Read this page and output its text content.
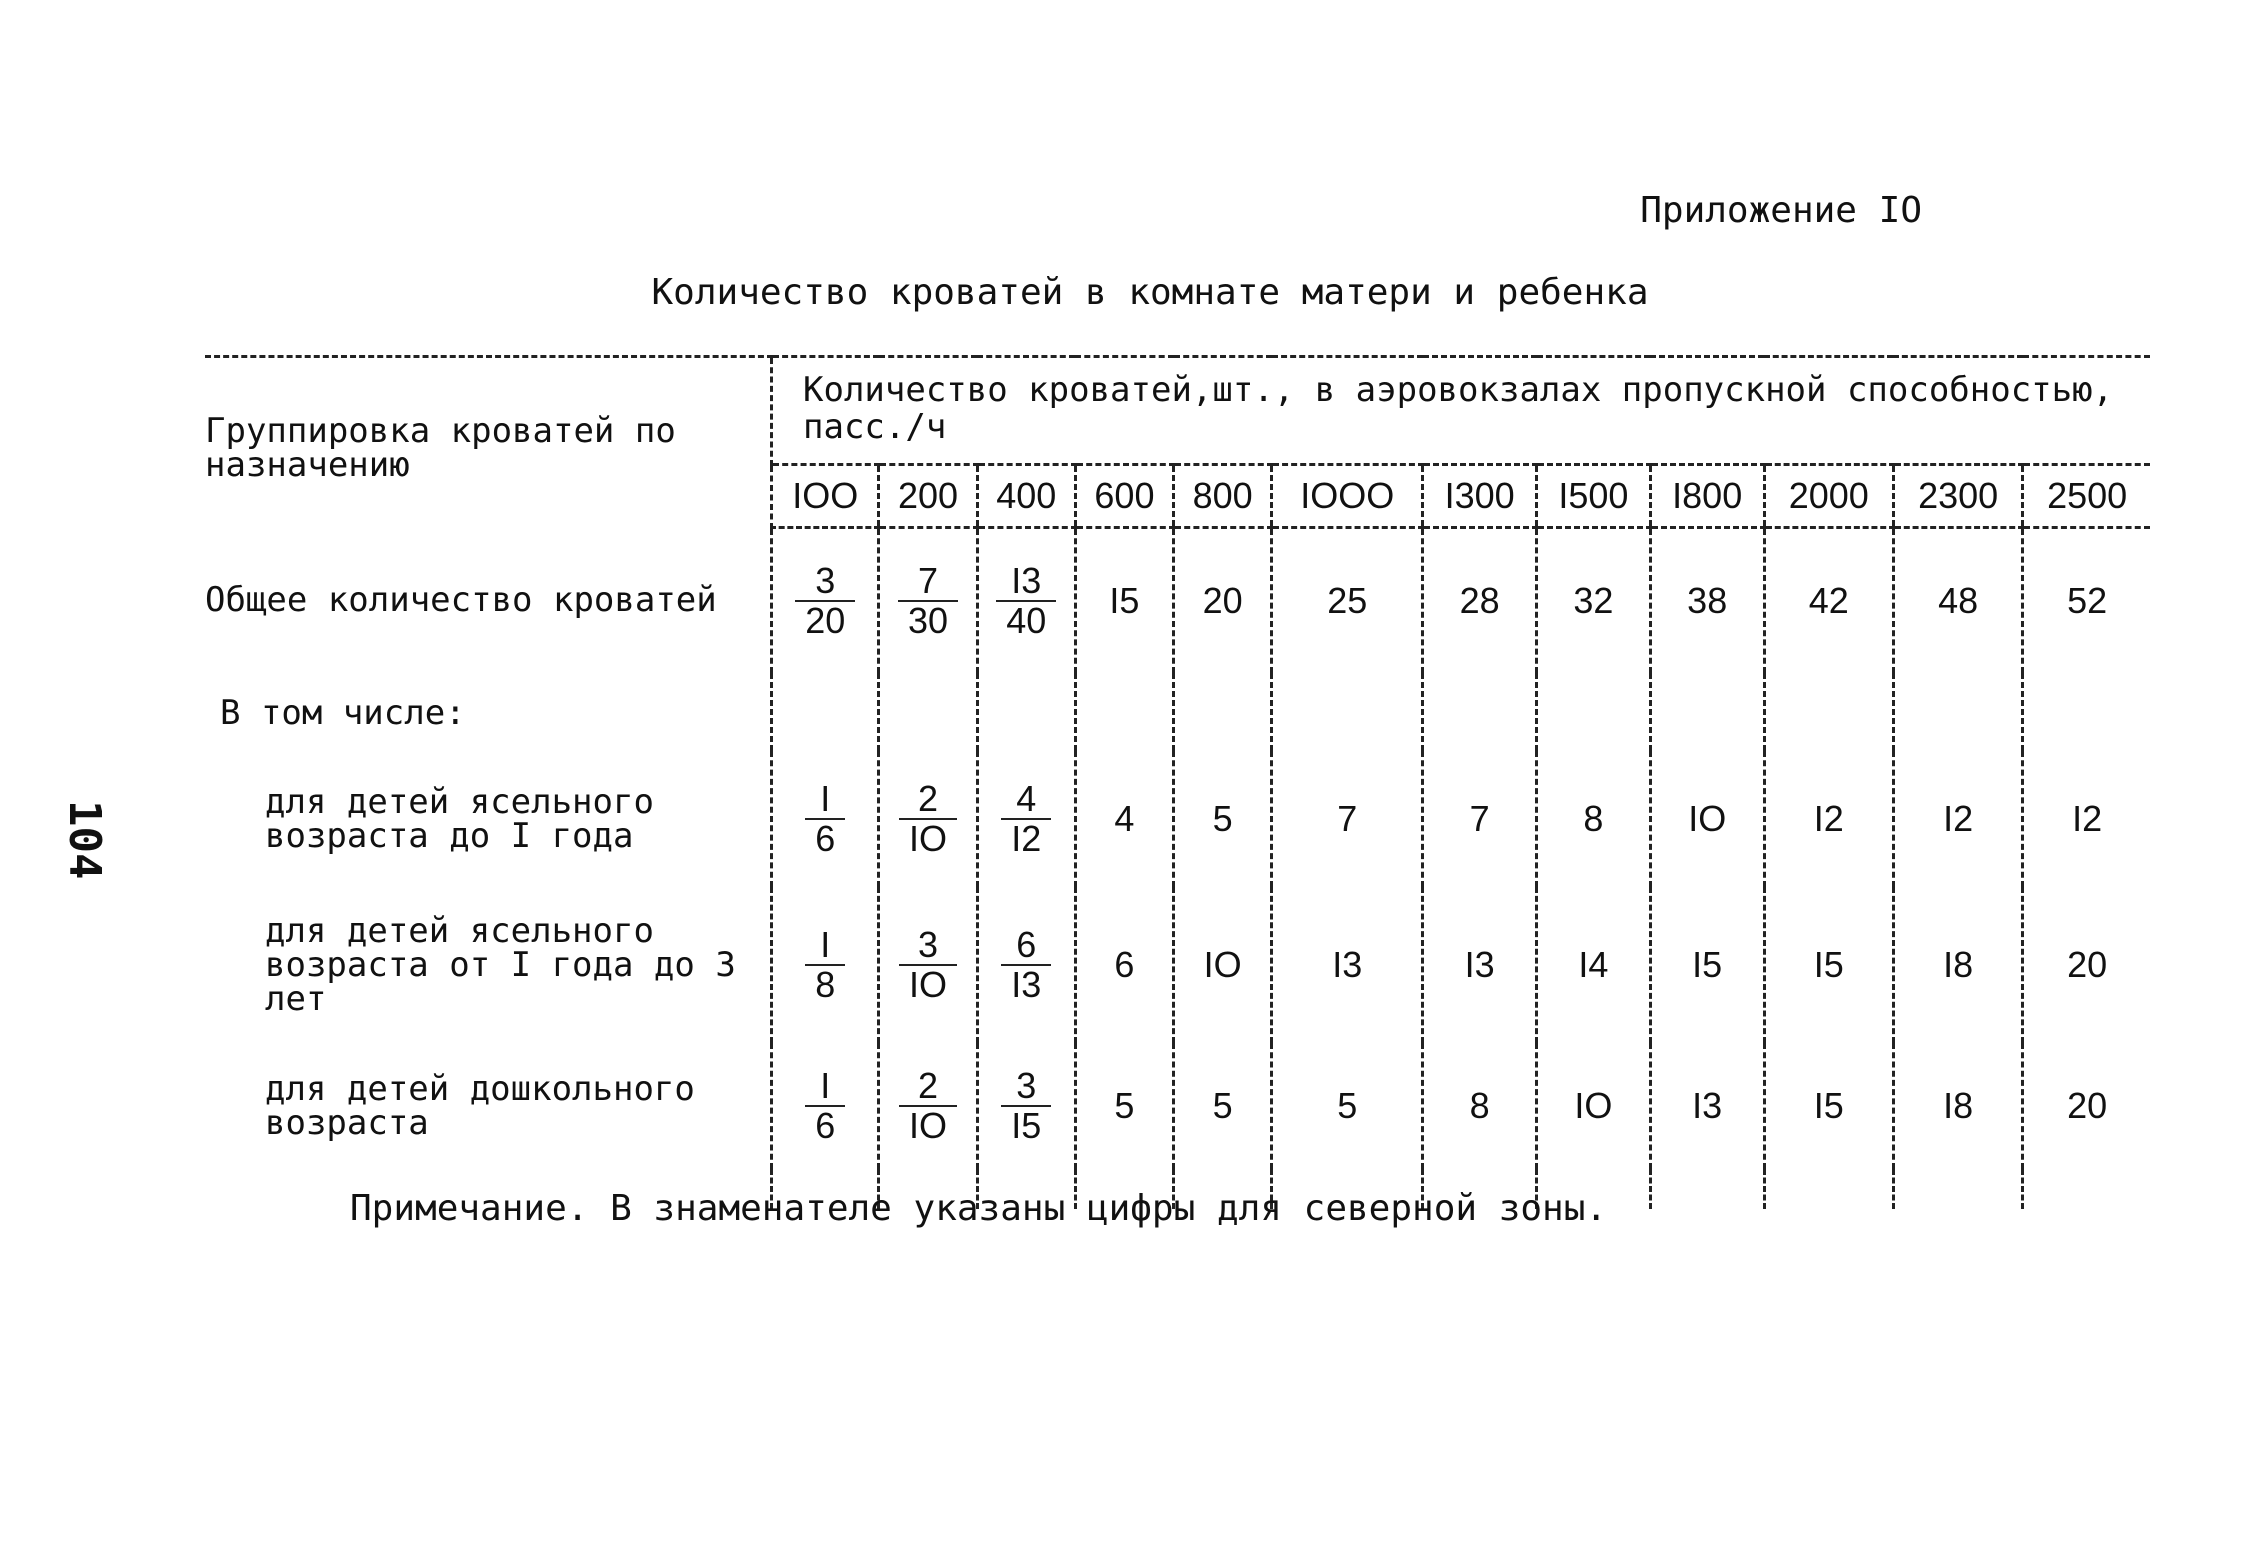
104
Приложение IO
Количество кроватей в комнате матери и ребенка
Группировка кроватей по назначению	Количество кроватей,шт., в аэровокзалах пропускной способностью, пасс./ч											
	IOO	200	400	600	800	IOOO	I300	I500	I800	2000	2300	2500
Общее количество кроватей	$\frac{3}{20}$	$\frac{7}{30}$	$\frac{I3}{40}$	I5	20	25	28	32	38	42	48	52
В том числе:												
для детей ясельного возраста до I года	$\frac{I}{6}$	$\frac{2}{IO}$	$\frac{4}{I2}$	4	5	7	7	8	IO	I2	I2	I2
для детей ясельного возраста от I года до 3 лет	$\frac{I}{8}$	$\frac{3}{IO}$	$\frac{6}{I3}$	6	IO	I3	I3	I4	I5	I5	I8	20
для детей дошкольного возраста	$\frac{I}{6}$	$\frac{2}{IO}$	$\frac{3}{I5}$	5	5	5	8	IO	I3	I5	I8	20

Примечание. В знаменателе указаны цифры для северной зоны.
